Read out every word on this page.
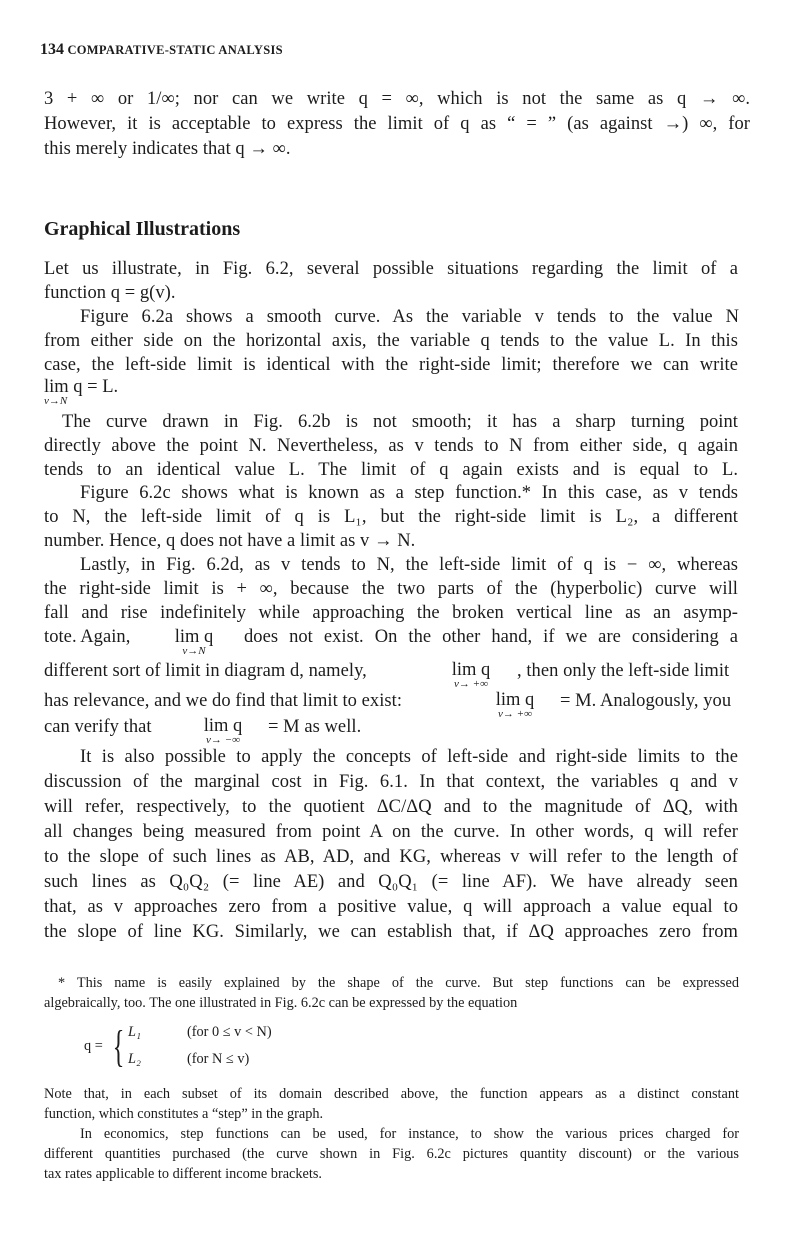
134 COMPARATIVE-STATIC ANALYSIS
3 + ∞ or 1/∞; nor can we write q = ∞, which is not the same as q → ∞.
However, it is acceptable to express the limit of q as “ = ” (as against →) ∞, for
this merely indicates that q → ∞.
Graphical Illustrations
Let us illustrate, in Fig. 6.2, several possible situations regarding the limit of a
function q = g(v).
Figure 6.2a shows a smooth curve. As the variable v tends to the value N
from either side on the horizontal axis, the variable q tends to the value L. In this
case, the left-side limit is identical with the right-side limit; therefore we can write
lim q = L.
v→N
The curve drawn in Fig. 6.2b is not smooth; it has a sharp turning point
directly above the point N. Nevertheless, as v tends to N from either side, q again
tends to an identical value L. The limit of q again exists and is equal to L.
Figure 6.2c shows what is known as a step function.* In this case, as v tends
to N, the left-side limit of q is L₁, but the right-side limit is L₂, a different
number. Hence, q does not have a limit as v → N.
Lastly, in Fig. 6.2d, as v tends to N, the left-side limit of q is − ∞, whereas
the right-side limit is + ∞, because the two parts of the (hyperbolic) curve will
fall and rise indefinitely while approaching the broken vertical line as an asymp-
tote. Again,	lim q
v→N
does not exist. On the other hand, if we are considering a
different sort of limit in diagram d, namely,	lim q
v→ +∞
, then only the left-side limit
has relevance, and we do find that limit to exist:	lim q
v→ +∞
= M. Analogously, you
can verify that	lim q
v→ −∞
= M as well.
It is also possible to apply the concepts of left-side and right-side limits to the
discussion of the marginal cost in Fig. 6.1. In that context, the variables q and v
will refer, respectively, to the quotient ΔC/ΔQ and to the magnitude of ΔQ, with
all changes being measured from point A on the curve. In other words, q will refer
to the slope of such lines as AB, AD, and KG, whereas v will refer to the length of
such lines as Q₀Q₂ (= line AE) and Q₀Q₁ (= line AF). We have already seen
that, as v approaches zero from a positive value, q will approach a value equal to
the slope of line KG. Similarly, we can establish that, if ΔQ approaches zero from
* This name is easily explained by the shape of the curve. But step functions can be expressed
algebraically, too. The one illustrated in Fig. 6.2c can be expressed by the equation
q = { L₁	(for 0 ≤ v < N)
L₂	(for N ≤ v)
Note that, in each subset of its domain described above, the function appears as a distinct constant
function, which constitutes a “step” in the graph.
In economics, step functions can be used, for instance, to show the various prices charged for
different quantities purchased (the curve shown in Fig. 6.2c pictures quantity discount) or the various
tax rates applicable to different income brackets.
